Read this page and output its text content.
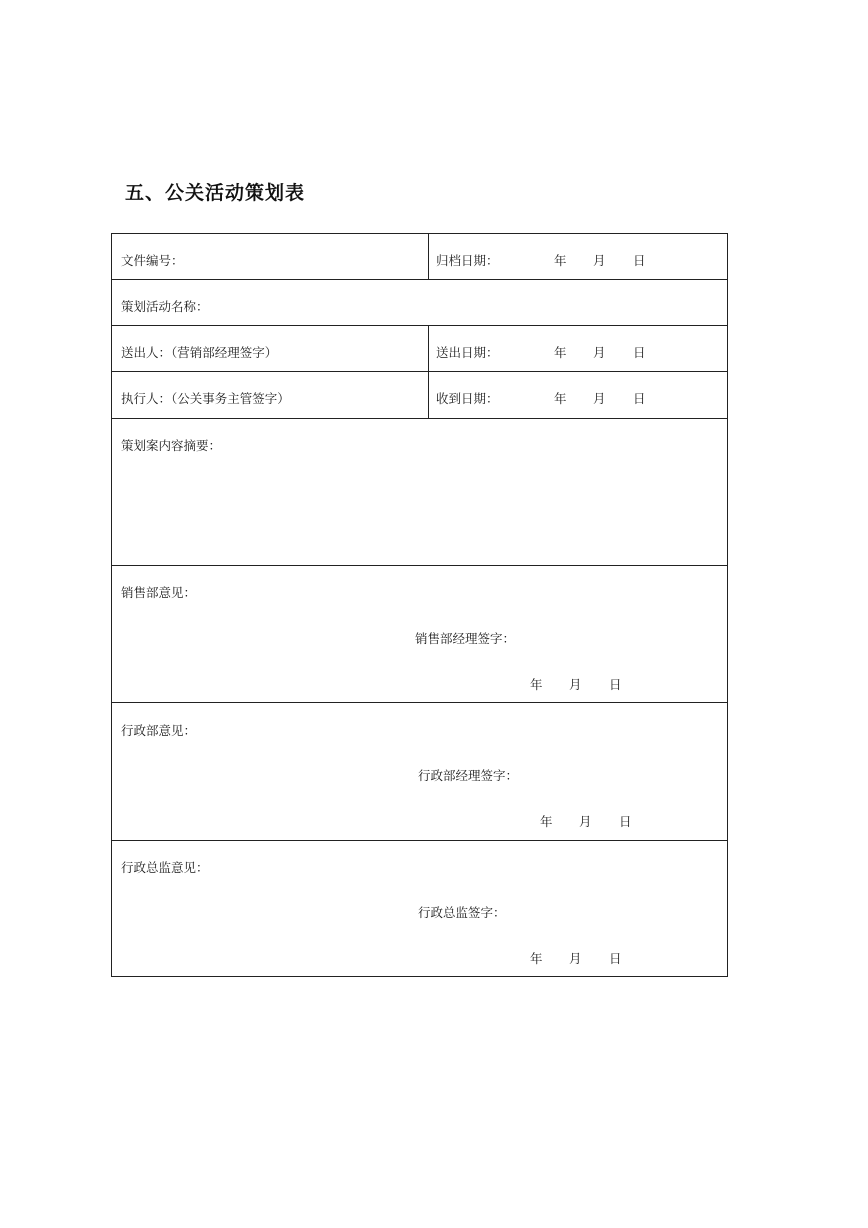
五、公关活动策划表
文件编号：	归档日期：	年 月 日
策划活动名称：
送出人：（营销部经理签字）	送出日期：	年 月 日
执行人：（公关事务主管签字）	收到日期：	年 月 日
策划案内容摘要：
销售部意见：
销售部经理签字：
年 月 日
行政部意见：
行政部经理签字：
年 月 日
行政总监意见：
行政总监签字：
年 月 日
